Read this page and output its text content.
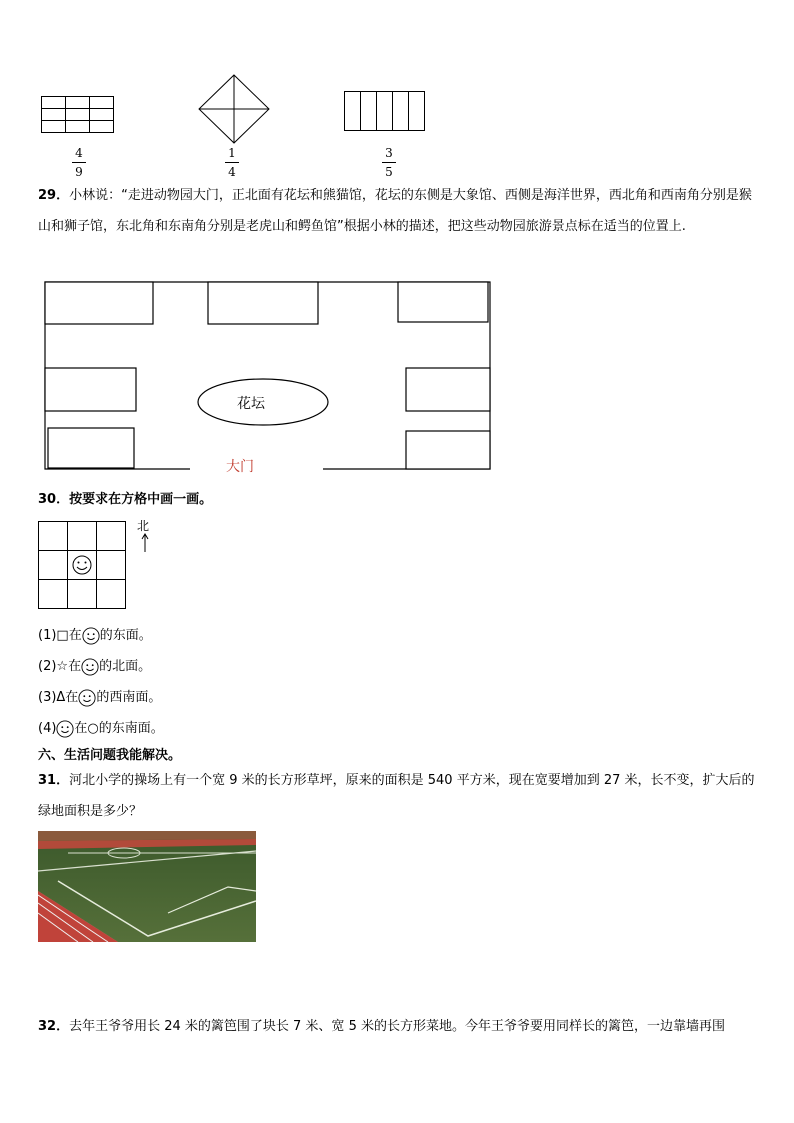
4
9
1
4
3
5
29．小林说：“走进动物园大门，正北面有花坛和熊猫馆，花坛的东侧是大象馆、西侧是海洋世界，西北角和西南角分别是猴山和狮子馆，东北角和东南角分别是老虎山和鳄鱼馆”根据小林的描述，把这些动物园旅游景点标在适当的位置上.
花坛
大门
30．按要求在方格中画一画。
北
(1)□在 的东面。
(2)☆在 的北面。
(3)Δ在 的西南面。
(4) 在○的东南面。
六、生活问题我能解决。
31．河北小学的操场上有一个宽 9 米的长方形草坪，原来的面积是 540 平方米，现在宽要增加到 27 米，长不变，扩大后的绿地面积是多少？
32．去年王爷爷用长 24 米的篱笆围了块长 7 米、宽 5 米的长方形菜地。今年王爷爷要用同样长的篱笆，一边靠墙再围
